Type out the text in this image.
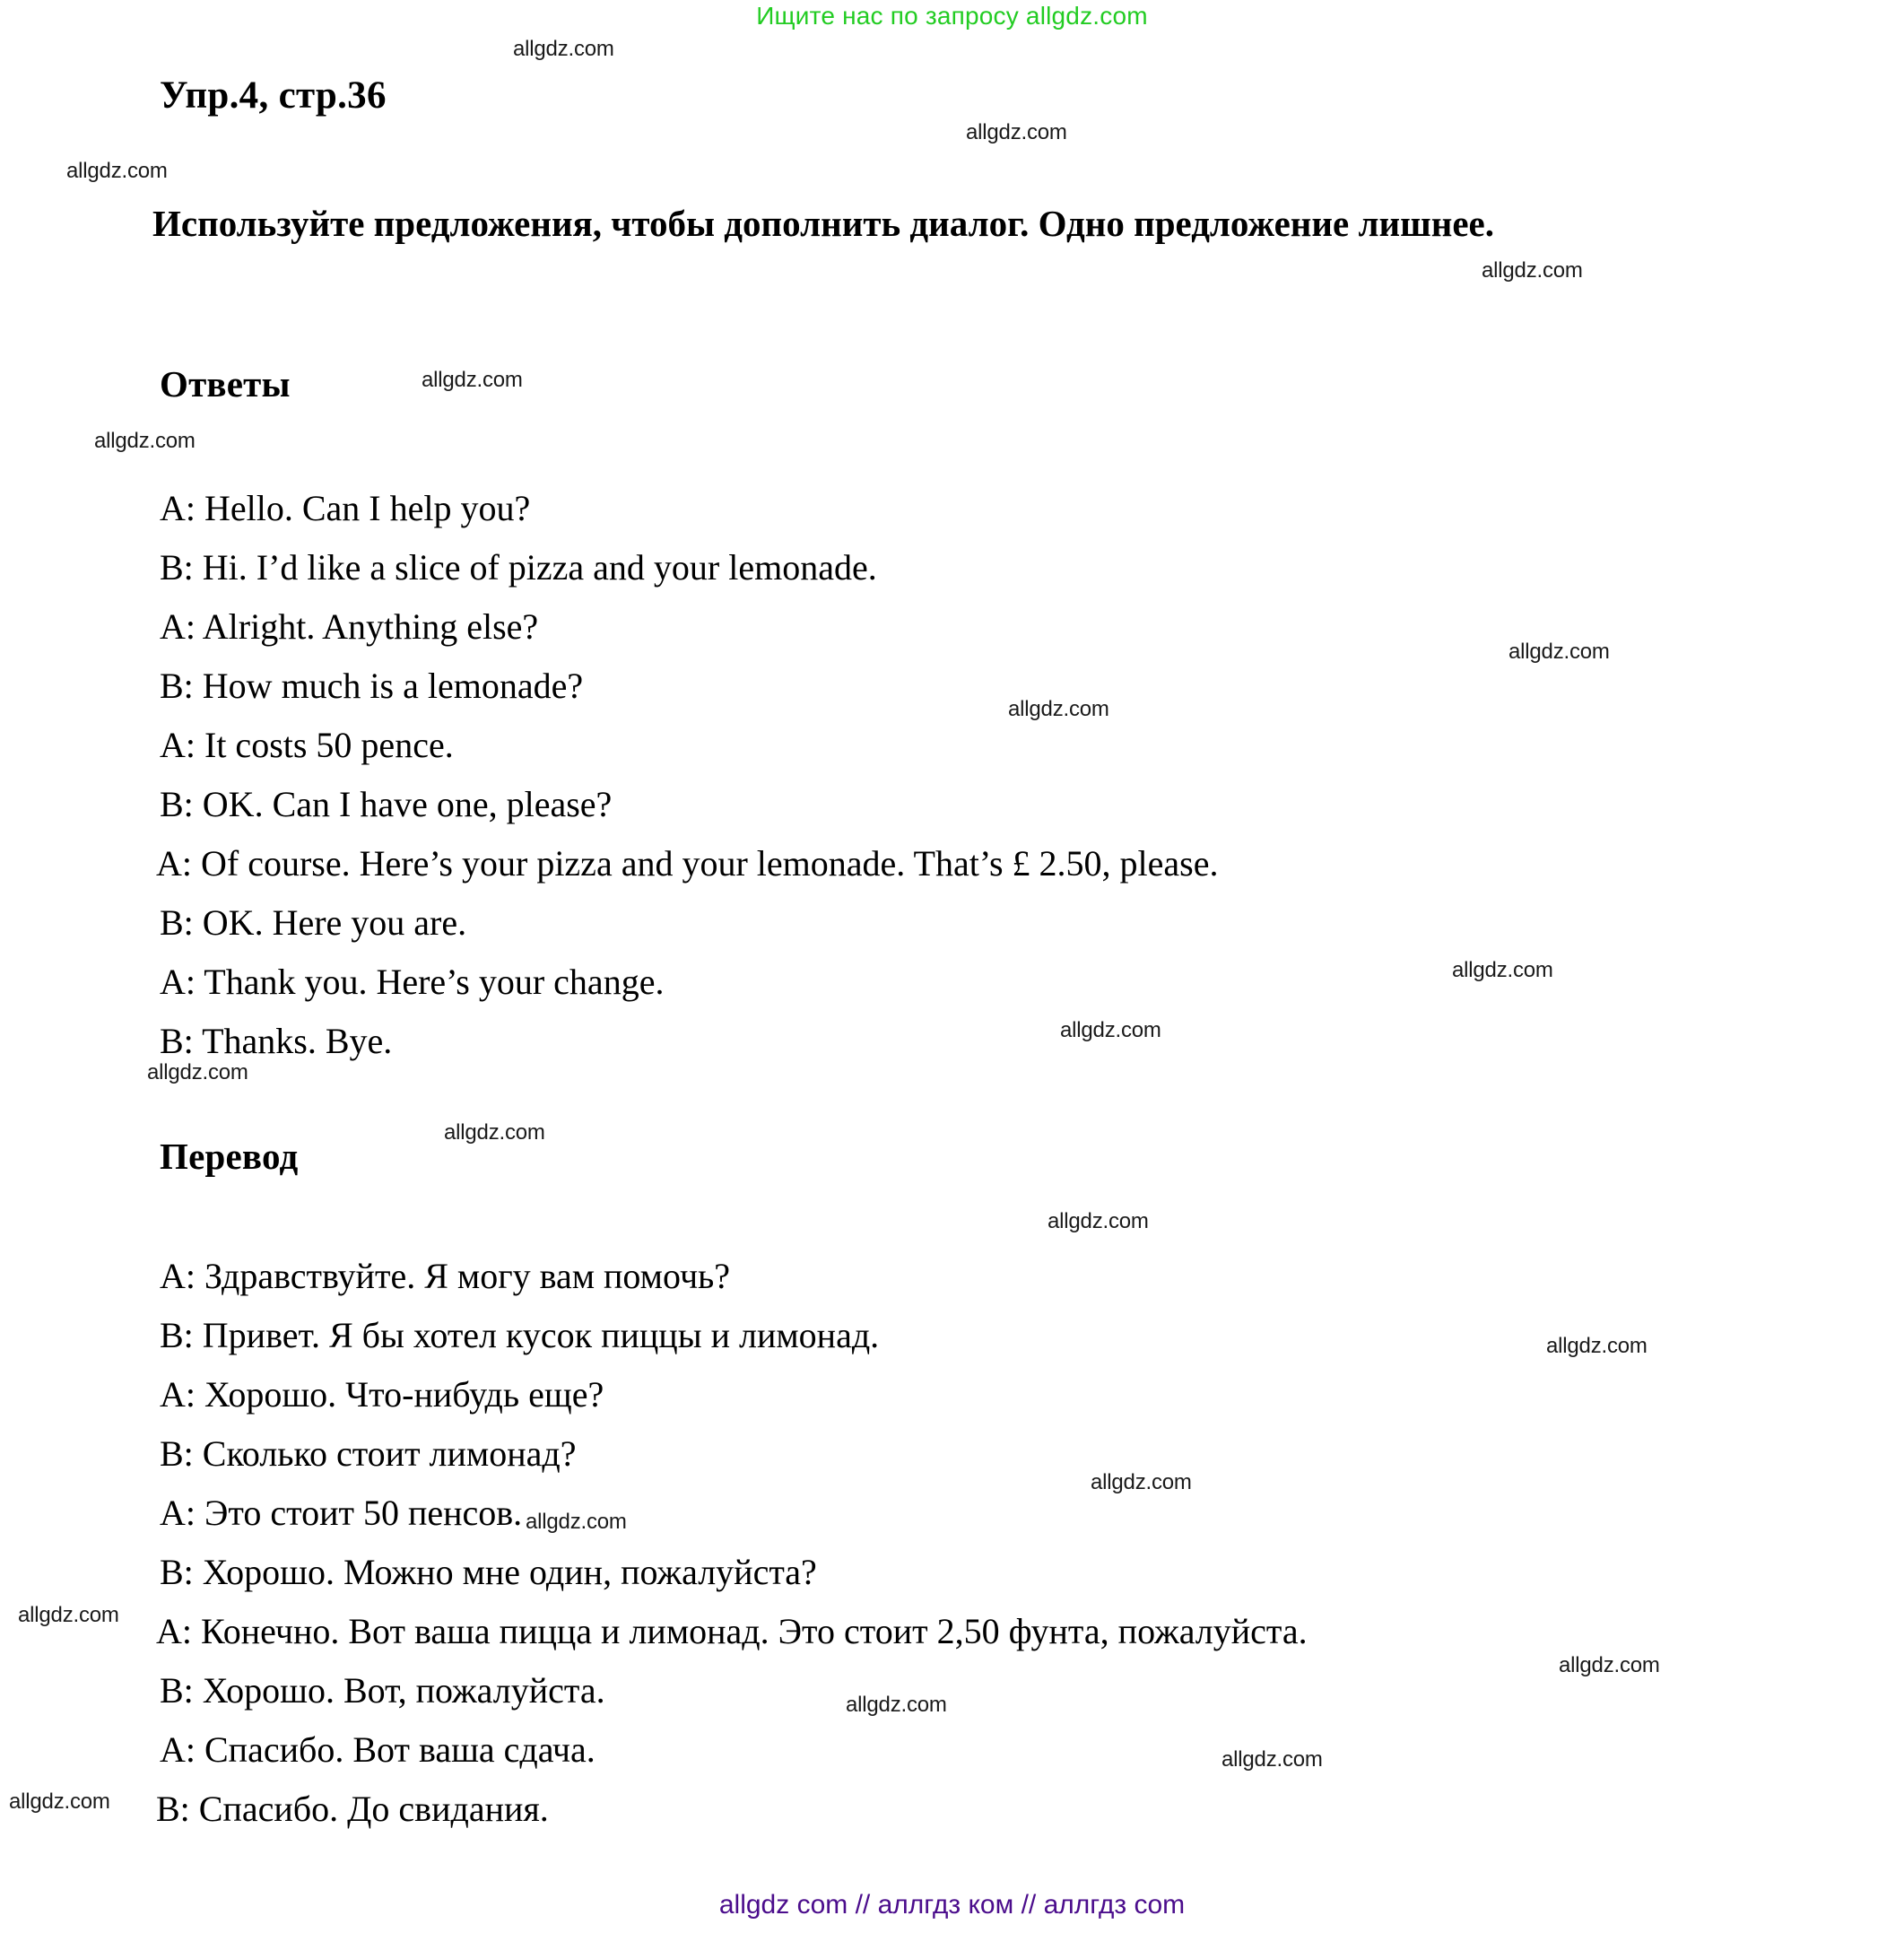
Ищите нас по запросу allgdz.com
Упр.4, стр.36
Используйте предложения, чтобы дополнить диалог. Одно предложение лишнее.
Ответы
A: Hello. Can I help you?
B: Hi. I’d like a slice of pizza and your lemonade.
A: Alright. Anything else?
B: How much is a lemonade?
A: It costs 50 pence.
B: OK. Can I have one, please?
A: Of course. Here’s your pizza and your lemonade. That’s £ 2.50, please.
B: OK. Here you are.
A: Thank you. Here’s your change.
B: Thanks. Bye.
Перевод
A: Здравствуйте. Я могу вам помочь?
B: Привет. Я бы хотел кусок пиццы и лимонад.
A: Хорошо. Что-нибудь еще?
B: Сколько стоит лимонад?
A: Это стоит 50 пенсов.
B: Хорошо. Можно мне один, пожалуйста?
A: Конечно. Вот ваша пицца и лимонад. Это стоит 2,50 фунта, пожалуйста.
B: Хорошо. Вот, пожалуйста.
A: Спасибо. Вот ваша сдача.
B: Спасибо. До свидания.
allgdz com // аллгдз ком // аллгдз com
allgdz.com
allgdz.com
allgdz.com
allgdz.com
allgdz.com
allgdz.com
allgdz.com
allgdz.com
allgdz.com
allgdz.com
allgdz.com
allgdz.com
allgdz.com
allgdz.com
allgdz.com
allgdz.com
allgdz.com
allgdz.com
allgdz.com
allgdz.com
allgdz.com
